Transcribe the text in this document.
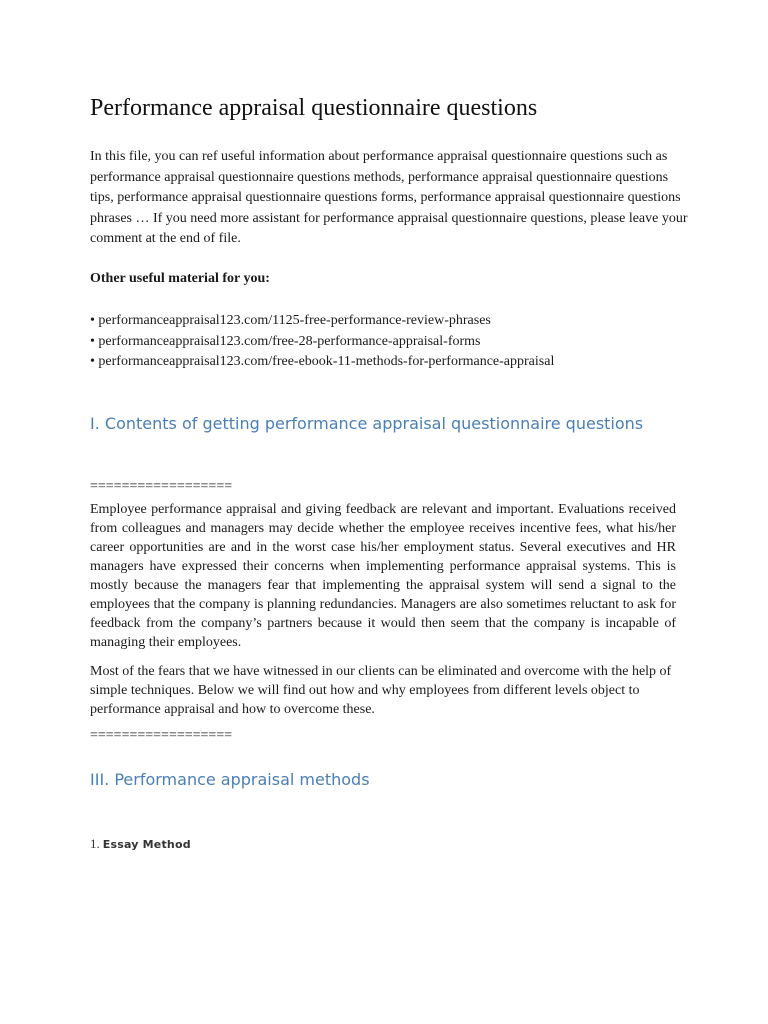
Performance appraisal questionnaire questions

In this file, you can ref useful information about performance appraisal questionnaire questions such as performance appraisal questionnaire questions methods, performance appraisal questionnaire questions tips, performance appraisal questionnaire questions forms, performance appraisal questionnaire questions phrases … If you need more assistant for performance appraisal questionnaire questions, please leave your comment at the end of file.

Other useful material for you:

• performanceappraisal123.com/1125-free-performance-review-phrases
• performanceappraisal123.com/free-28-performance-appraisal-forms
• performanceappraisal123.com/free-ebook-11-methods-for-performance-appraisal
I. Contents of getting performance appraisal questionnaire questions

==================

Employee performance appraisal and giving feedback are relevant and important. Evaluations received from colleagues and managers may decide whether the employee receives incentive fees, what his/her career opportunities are and in the worst case his/her employment status. Several executives and HR managers have expressed their concerns when implementing performance appraisal systems. This is mostly because the managers fear that implementing the appraisal system will send a signal to the employees that the company is planning redundancies. Managers are also sometimes reluctant to ask for feedback from the company’s partners because it would then seem that the company is incapable of managing their employees.

Most of the fears that we have witnessed in our clients can be eliminated and overcome with the help of simple techniques. Below we will find out how and why employees from different levels object to performance appraisal and how to overcome these.

==================

III. Performance appraisal methods

1. Essay Method
